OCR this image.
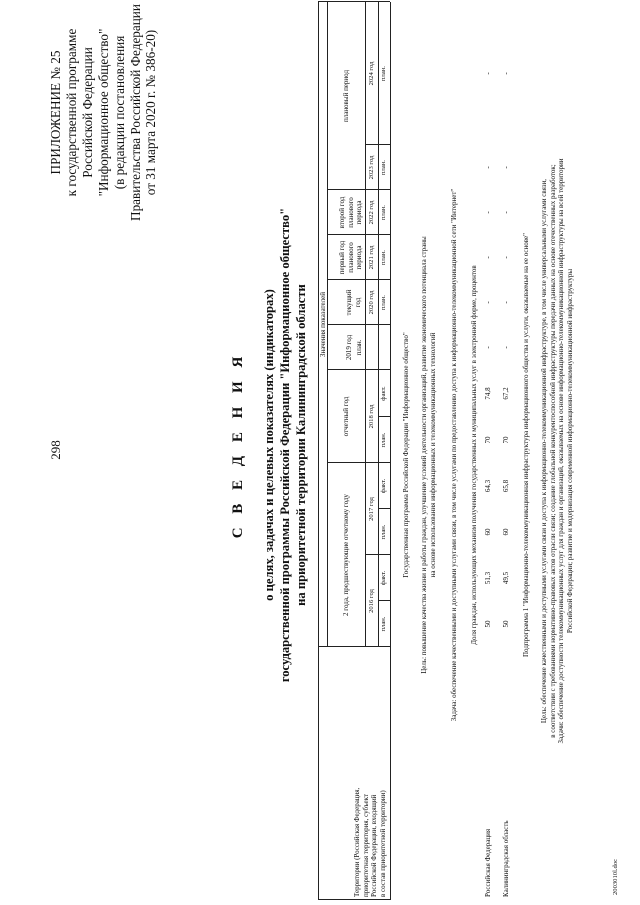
298
ПРИЛОЖЕНИЕ № 25 к государственной программе Российской Федерации "Информационное общество" (в редакции постановления Правительства Российской Федерации от 31 марта 2020 г. № 386-20)
С В Е Д Е Н И Я о целях, задачах и целевых показателях (индикаторах) государственной программы Российской Федерации "Информационное общество" на приоритетной территории Калининградской области
Территории (Российская Федерация, приоритетная территория, субъект Российской Федерации, входящий в состав приоритетной территории)
Значения показателей
2 года, предшествующие отчетному году
отчетный год
2019 год план.
текущий год
первый год планового периода
второй год планового периода
плановый период
2016 год
2017 год
2018 год
2020 год
2021 год
2022 год
2023 год
2024 год
план.
факт.
план.
факт.
план.
факт.
план.
план.
план.
план.
план.
Государственная программа Российской Федерации "Информационное общество" Цель: повышение качества жизни и работы граждан, улучшение условий деятельности организаций, развитие экономического потенциала страны на основе использования информационных и телекоммуникационных технологий Задача: обеспечение качественными и доступными услугами связи, в том числе услугами по предоставлению доступа к информационно-телекоммуникационной сети "Интернет" Доля граждан, использующих механизм получения государственных и муниципальных услуг в электронной форме, процентов
Российская Федерация
50
51,3
60
64,3
70
74,8
-
-
-
-
-
-
Калининградская область
50
49,5
60
65,8
70
67,2
-
-
-
-
-
-
Подпрограмма 1 "Информационно-телекоммуникационная инфраструктура информационного общества и услуги, оказываемые на ее основе" Цель: обеспечение качественными и доступными услугами связи и доступа к информационно-телекоммуникационной инфраструктуре, в том числе универсальными услугами связи, в соответствии с требованиями нормативно-правовых актов отрасли связи; создание глобальной конкурентоспособной инфраструктуры передачи данных на основе отечественных разработок; Задачи: обеспечение доступности телекоммуникационных услуг для граждан и организаций, оказываемых на основе информационно-телекоммуникационной инфраструктуры на всей территории Российской Федерации; развитие и модернизация современной информационно-телекоммуникационной инфраструктуры
2003010l.doc
